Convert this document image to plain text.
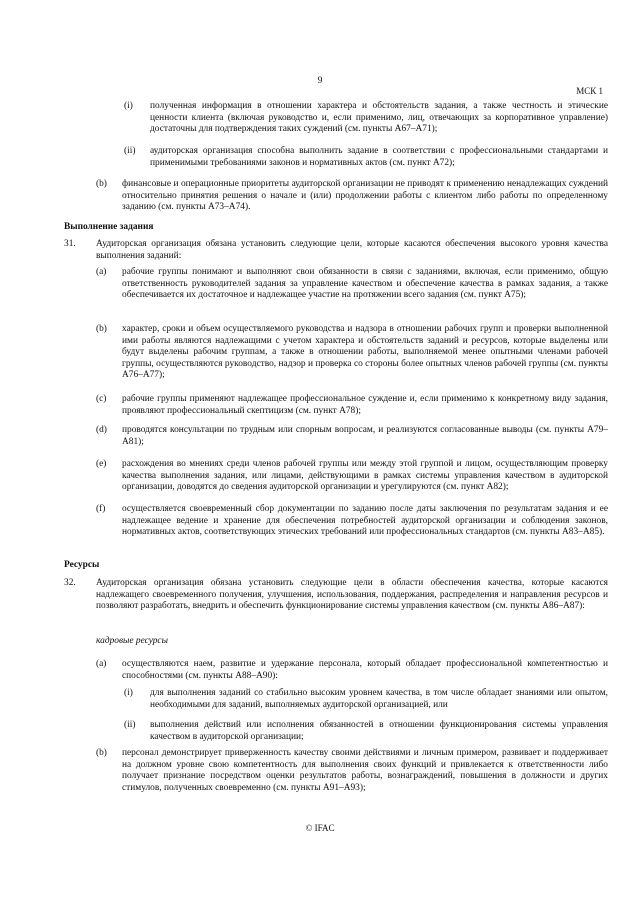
9
МСК 1
(i) полученная информация в отношении характера и обстоятельств задания, а также честность и этические ценности клиента (включая руководство и, если применимо, лиц, отвечающих за корпоративное управление) достаточны для подтверждения таких суждений (см. пункты А67–А71);
(ii) аудиторская организация способна выполнить задание в соответствии с профессиональными стандартами и применимыми требованиями законов и нормативных актов (см. пункт А72);
(b) финансовые и операционные приоритеты аудиторской организации не приводят к применению ненадлежащих суждений относительно принятия решения о начале и (или) продолжении работы с клиентом либо работы по определенному заданию (см. пункты А73–А74).
Выполнение задания
31. Аудиторская организация обязана установить следующие цели, которые касаются обеспечения высокого уровня качества выполнения заданий:
(a) рабочие группы понимают и выполняют свои обязанности в связи с заданиями, включая, если применимо, общую ответственность руководителей задания за управление качеством и обеспечение качества в рамках задания, а также обеспечивается их достаточное и надлежащее участие на протяжении всего задания (см. пункт А75);
(b) характер, сроки и объем осуществляемого руководства и надзора в отношении рабочих групп и проверки выполненной ими работы являются надлежащими с учетом характера и обстоятельств заданий и ресурсов, которые выделены или будут выделены рабочим группам, а также в отношении работы, выполняемой менее опытными членами рабочей группы, осуществляются руководство, надзор и проверка со стороны более опытных членов рабочей группы (см. пункты А76–А77);
(c) рабочие группы применяют надлежащее профессиональное суждение и, если применимо к конкретному виду задания, проявляют профессиональный скептицизм (см. пункт А78);
(d) проводятся консультации по трудным или спорным вопросам, и реализуются согласованные выводы (см. пункты А79–А81);
(e) расхождения во мнениях среди членов рабочей группы или между этой группой и лицом, осуществляющим проверку качества выполнения задания, или лицами, действующими в рамках системы управления качеством в аудиторской организации, доводятся до сведения аудиторской организации и урегулируются (см. пункт А82);
(f) осуществляется своевременный сбор документации по заданию после даты заключения по результатам задания и ее надлежащее ведение и хранение для обеспечения потребностей аудиторской организации и соблюдения законов, нормативных актов, соответствующих этических требований или профессиональных стандартов (см. пункты А83–А85).
Ресурсы
32. Аудиторская организация обязана установить следующие цели в области обеспечения качества, которые касаются надлежащего своевременного получения, улучшения, использования, поддержания, распределения и направления ресурсов и позволяют разработать, внедрить и обеспечить функционирование системы управления качеством (см. пункты А86–А87):
кадровые ресурсы
(a) осуществляются наем, развитие и удержание персонала, который обладает профессиональной компетентностью и способностями (см. пункты А88–А90):
(i) для выполнения заданий со стабильно высоким уровнем качества, в том числе обладает знаниями или опытом, необходимыми для заданий, выполняемых аудиторской организацией, или
(ii) выполнения действий или исполнения обязанностей в отношении функционирования системы управления качеством в аудиторской организации;
(b) персонал демонстрирует приверженность качеству своими действиями и личным примером, развивает и поддерживает на должном уровне свою компетентность для выполнения своих функций и привлекается к ответственности либо получает признание посредством оценки результатов работы, вознаграждений, повышения в должности и других стимулов, полученных своевременно (см. пункты А91–А93);
© IFAC
